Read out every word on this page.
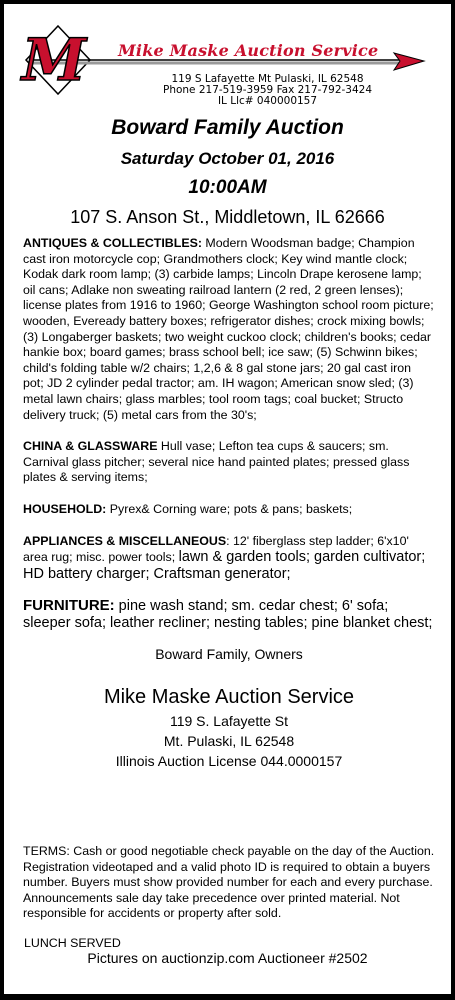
M Mike Maske Auction Service
119 S Lafayette Mt Pulaski, IL 62548
Phone 217-519-3959 Fax 217-792-3424
IL Llc# 040000157
Boward Family Auction
Saturday October 01, 2016
10:00AM
107 S. Anson St., Middletown, IL 62666

ANTIQUES & COLLECTIBLES: Modern Woodsman badge; Champion cast iron motorcycle cop; Grandmothers clock; Key wind mantle clock; Kodak dark room lamp; (3) carbide lamps; Lincoln Drape kerosene lamp; oil cans; Adlake non sweating railroad lantern (2 red, 2 green lenses); license plates from 1916 to 1960; George Washington school room picture; wooden, Eveready battery boxes; refrigerator dishes; crock mixing bowls; (3) Longaberger baskets; two weight cuckoo clock; children's books; cedar hankie box; board games; brass school bell; ice saw; (5) Schwinn bikes; child's folding table w/2 chairs; 1,2,6 & 8 gal stone jars; 20 gal cast iron pot; JD 2 cylinder pedal tractor; am. IH wagon; American snow sled; (3) metal lawn chairs; glass marbles; tool room tags; coal bucket; Structo delivery truck; (5) metal cars from the 30's;

CHINA & GLASSWARE Hull vase; Lefton tea cups & saucers; sm. Carnival glass pitcher; several nice hand painted plates; pressed glass plates & serving items;

HOUSEHOLD: Pyrex& Corning ware; pots & pans; baskets;

APPLIANCES & MISCELLANEOUS: 12' fiberglass step ladder; 6'x10' area rug; misc. power tools; lawn & garden tools; garden cultivator; HD battery charger; Craftsman generator;

FURNITURE: pine wash stand; sm. cedar chest; 6' sofa; sleeper sofa; leather recliner; nesting tables; pine blanket chest;

Boward Family, Owners

Mike Maske Auction Service

119 S. Lafayette St

Mt. Pulaski, IL 62548

Illinois Auction License 044.0000157

TERMS: Cash or good negotiable check payable on the day of the Auction. Registration videotaped and a valid photo ID is required to obtain a buyers number. Buyers must show provided number for each and every purchase. Announcements sale day take precedence over printed material. Not responsible for accidents or property after sold.
LUNCH SERVED
Pictures on auctionzip.com Auctioneer #2502
